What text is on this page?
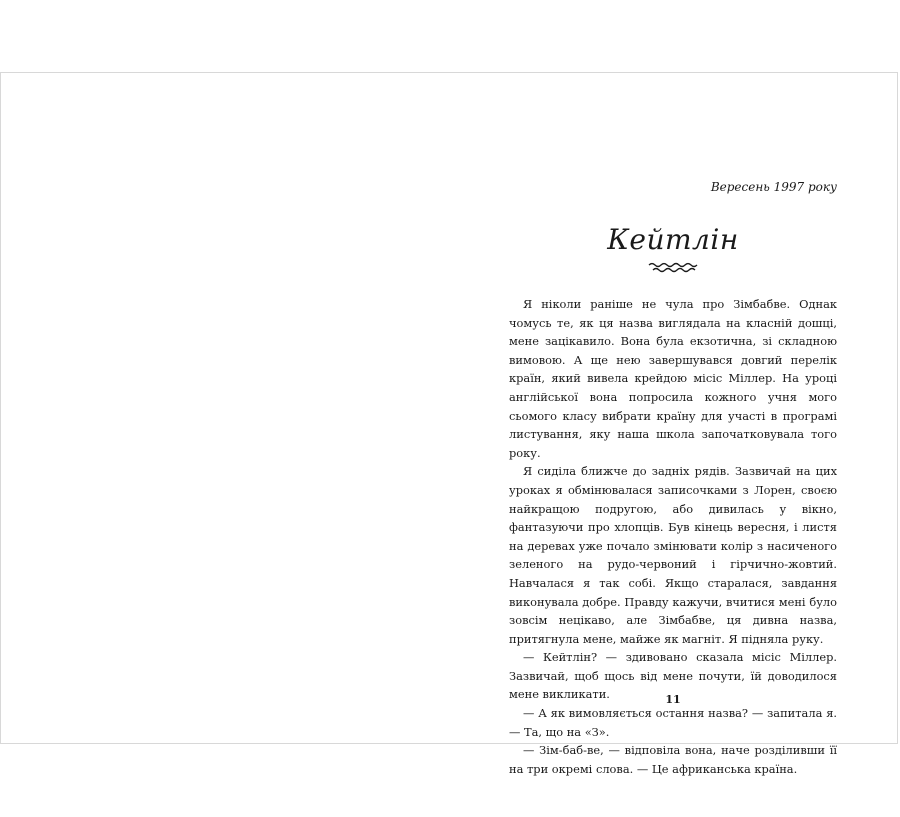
Вересень 1997 року
Кейтлін

Я ніколи раніше не чула про Зімбабве. Однак чомусь те, як ця назва виглядала на класній дошці, мене зацікавило. Вона була екзотична, зі складною вимовою. А ще нею завершувався довгий перелік країн, який вивела крейдою місіс Міллер. На уроці англійської вона попросила кожного учня мого сьомого класу вибрати країну для участі в програмі листування, яку наша школа започатковувала того року.

Я сиділа ближче до задніх рядів. Зазвичай на цих уроках я обмінювалася записочками з Лорен, своєю найкращою подругою, або дивилась у вікно, фантазуючи про хлопців. Був кінець вересня, і листя на деревах уже почало змінювати колір з насиченого зеленого на рудо-червоний і гірчично-жовтий. Навчалася я так собі. Якщо старалася, завдання виконувала добре. Правду кажучи, вчитися мені було зовсім нецікаво, але Зімбабве, ця дивна назва, притягнула мене, майже як магніт. Я підняла руку.

— Кейтлін? — здивовано сказала місіс Міллер. Зазвичай, щоб щось від мене почути, їй доводилося мене викликати.

— А як вимовляється остання назва? — запитала я. — Та, що на «З».

— Зім-баб-ве, — відповіла вона, наче розділивши її на три окремі слова. — Це африканська країна.

11
